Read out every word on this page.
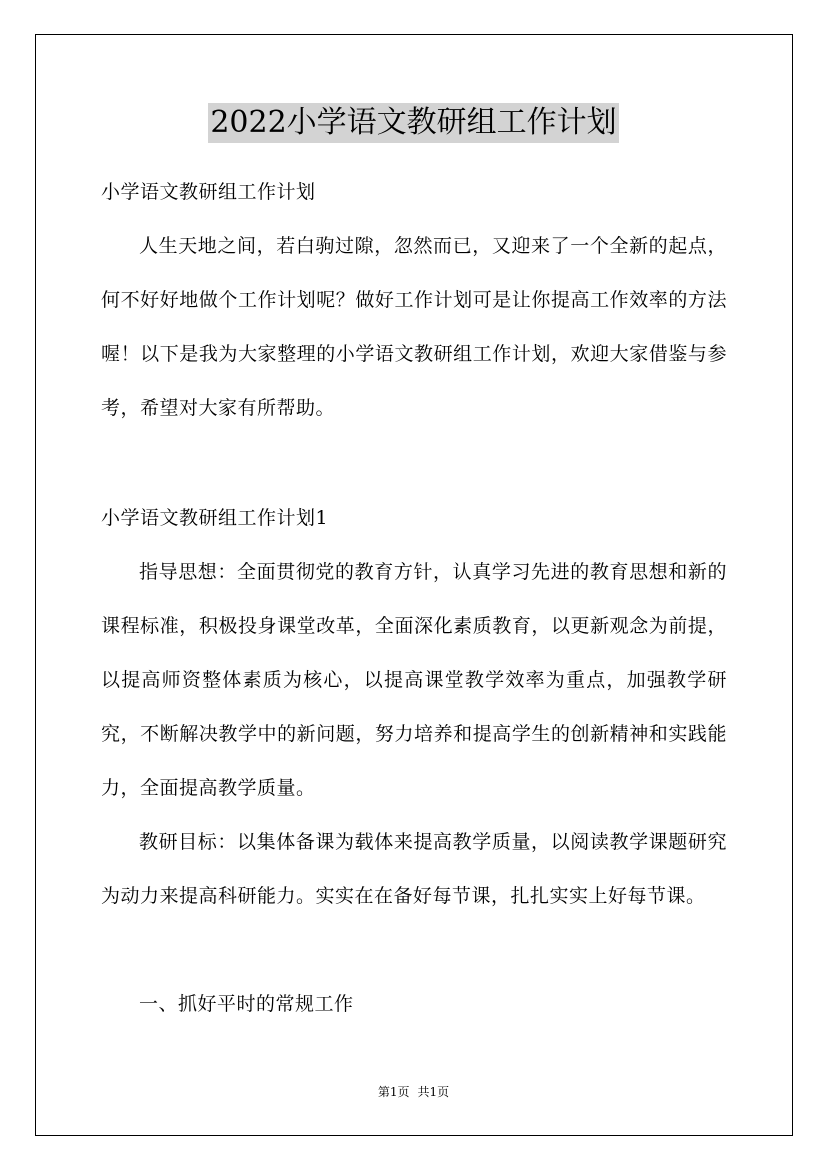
2022小学语文教研组工作计划

小学语文教研组工作计划

人生天地之间，若白驹过隙，忽然而已，又迎来了一个全新的起点，何不好好地做个工作计划呢？做好工作计划可是让你提高工作效率的方法喔！以下是我为大家整理的小学语文教研组工作计划，欢迎大家借鉴与参考，希望对大家有所帮助。

小学语文教研组工作计划1

指导思想：全面贯彻党的教育方针，认真学习先进的教育思想和新的课程标准，积极投身课堂改革，全面深化素质教育，以更新观念为前提，以提高师资整体素质为核心，以提高课堂教学效率为重点，加强教学研究，不断解决教学中的新问题，努力培养和提高学生的创新精神和实践能力，全面提高教学质量。

教研目标：以集体备课为载体来提高教学质量，以阅读教学课题研究为动力来提高科研能力。实实在在备好每节课，扎扎实实上好每节课。

一、抓好平时的常规工作

第1页 共1页
